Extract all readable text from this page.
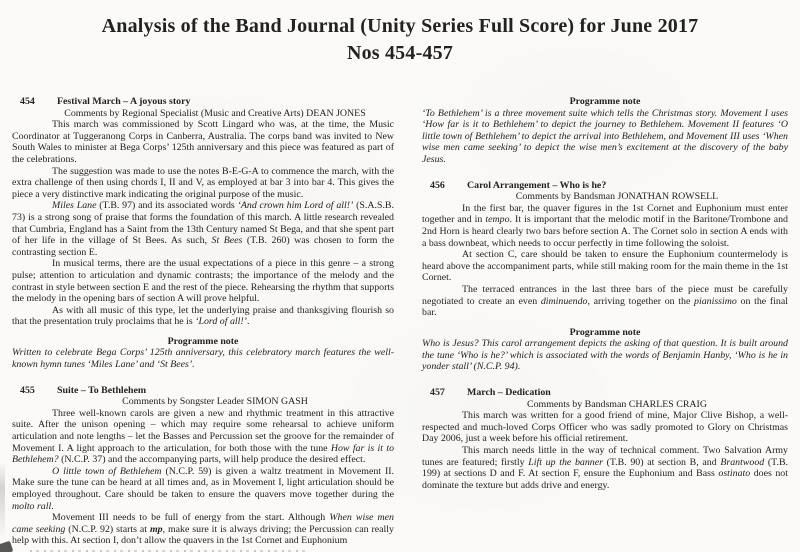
Analysis of the Band Journal (Unity Series Full Score) for June 2017
Nos 454-457
454 Festival March – A joyous story
Comments by Regional Specialist (Music and Creative Arts) DEAN JONES

This march was commissioned by Scott Lingard who was, at the time, the Music Coordinator at Tuggeranong Corps in Canberra, Australia. The corps band was invited to New South Wales to minister at Bega Corps’ 125th anniversary and this piece was featured as part of the celebrations.

The suggestion was made to use the notes B-E-G-A to commence the march, with the extra challenge of then using chords I, II and V, as employed at bar 3 into bar 4. This gives the piece a very distinctive mark indicating the original purpose of the music.

Miles Lane (T.B. 97) and its associated words ‘And crown him Lord of all!’ (S.A.S.B. 73) is a strong song of praise that forms the foundation of this march. A little research revealed that Cumbria, England has a Saint from the 13th Century named St Bega, and that she spent part of her life in the village of St Bees. As such, St Bees (T.B. 260) was chosen to form the contrasting section E.

In musical terms, there are the usual expectations of a piece in this genre – a strong pulse; attention to articulation and dynamic contrasts; the importance of the melody and the contrast in style between section E and the rest of the piece. Rehearsing the rhythm that supports the melody in the opening bars of section A will prove helpful.

As with all music of this type, let the underlying praise and thanksgiving flourish so that the presentation truly proclaims that he is ‘Lord of all!’.

Programme note

Written to celebrate Bega Corps’ 125th anniversary, this celebratory march features the well-known hymn tunes ‘Miles Lane’ and ‘St Bees’.

455 Suite – To Bethlehem
Comments by Songster Leader SIMON GASH

Three well-known carols are given a new and rhythmic treatment in this attractive suite. After the unison opening – which may require some rehearsal to achieve uniform articulation and note lengths – let the Basses and Percussion set the groove for the remainder of Movement I. A light approach to the articulation, for both those with the tune How far is it to Bethlehem? (N.C.P. 37) and the accompanying parts, will help produce the desired effect.

O little town of Bethlehem (N.C.P. 59) is given a waltz treatment in Movement II. Make sure the tune can be heard at all times and, as in Movement I, light articulation should be employed throughout. Care should be taken to ensure the quavers move together during the molto rall.

Movement III needs to be full of energy from the start. Although When wise men came seeking (N.C.P. 92) starts at mp, make sure it is always driving; the Percussion can really help with this. At section I, don’t allow the quavers in the 1st Cornet and Euphonium

Programme note

‘To Bethlehem’ is a three movement suite which tells the Christmas story. Movement I uses ‘How far is it to Bethlehem’ to depict the journey to Bethlehem. Movement II features ‘O little town of Bethlehem’ to depict the arrival into Bethlehem, and Movement III uses ‘When wise men came seeking’ to depict the wise men’s excitement at the discovery of the baby Jesus.

456 Carol Arrangement – Who is he?
Comments by Bandsman JONATHAN ROWSELL

In the first bar, the quaver figures in the 1st Cornet and Euphonium must enter together and in tempo. It is important that the melodic motif in the Baritone/Trombone and 2nd Horn is heard clearly two bars before section A. The Cornet solo in section A ends with a bass downbeat, which needs to occur perfectly in time following the soloist.

At section C, care should be taken to ensure the Euphonium countermelody is heard above the accompaniment parts, while still making room for the main theme in the 1st Cornet.

The terraced entrances in the last three bars of the piece must be carefully negotiated to create an even diminuendo, arriving together on the pianissimo on the final bar.

Programme note

Who is Jesus? This carol arrangement depicts the asking of that question. It is built around the tune ‘Who is he?’ which is associated with the words of Benjamin Hanby, ‘Who is he in yonder stall’ (N.C.P. 94).

457 March – Dedication
Comments by Bandsman CHARLES CRAIG

This march was written for a good friend of mine, Major Clive Bishop, a well-respected and much-loved Corps Officer who was sadly promoted to Glory on Christmas Day 2006, just a week before his official retirement.

This march needs little in the way of technical comment. Two Salvation Army tunes are featured; firstly Lift up the banner (T.B. 90) at section B, and Brantwood (T.B. 199) at sections D and F. At section F, ensure the Euphonium and Bass ostinato does not dominate the texture but adds drive and energy.
